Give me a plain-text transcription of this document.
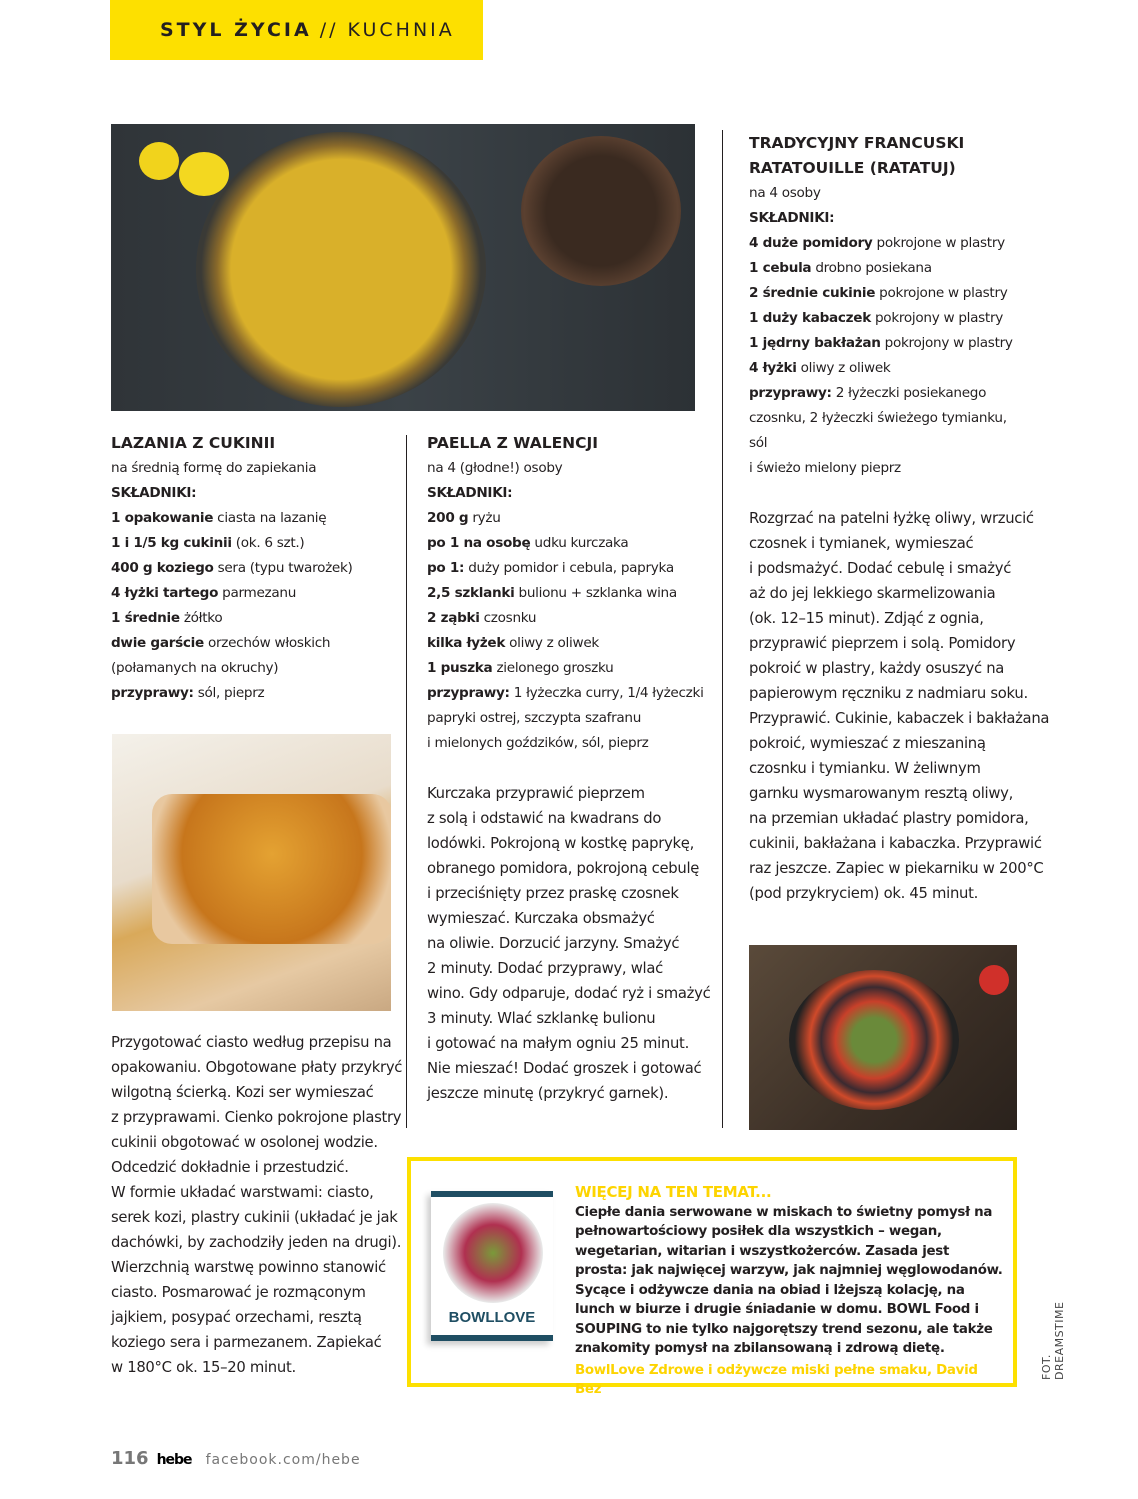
STYL ŻYCIA // KUCHNIA
LAZANIA Z CUKINII
na średnią formę do zapiekania
SKŁADNIKI:
1 opakowanie ciasta na lazanię
1 i 1/5 kg cukinii (ok. 6 szt.)
400 g koziego sera (typu twarożek)
4 łyżki tartego parmezanu
1 średnie żółtko
dwie garście orzechów włoskich
(połamanych na okruchy)
przyprawy: sól, pieprz
Przygotować ciasto według przepisu na
opakowaniu. Obgotowane płaty przykryć
wilgotną ścierką. Kozi ser wymieszać
z przyprawami. Cienko pokrojone plastry
cukinii obgotować w osolonej wodzie.
Odcedzić dokładnie i przestudzić.
W formie układać warstwami: ciasto,
serek kozi, plastry cukinii (układać je jak
dachówki, by zachodziły jeden na drugi).
Wierzchnią warstwę powinno stanowić
ciasto. Posmarować je rozmąconym
jajkiem, posypać orzechami, resztą
koziego sera i parmezanem. Zapiekać
w 180°C ok. 15–20 minut.
PAELLA Z WALENCJI
na 4 (głodne!) osoby
SKŁADNIKI:
200 g ryżu
po 1 na osobę udku kurczaka
po 1: duży pomidor i cebula, papryka
2,5 szklanki bulionu + szklanka wina
2 ząbki czosnku
kilka łyżek oliwy z oliwek
1 puszka zielonego groszku
przyprawy: 1 łyżeczka curry, 1/4 łyżeczki
papryki ostrej, szczypta szafranu
i mielonych goździków, sól, pieprz
Kurczaka przyprawić pieprzem
z solą i odstawić na kwadrans do
lodówki. Pokrojoną w kostkę paprykę,
obranego pomidora, pokrojoną cebulę
i przeciśnięty przez praskę czosnek
wymieszać. Kurczaka obsmażyć
na oliwie. Dorzucić jarzyny. Smażyć
2 minuty. Dodać przyprawy, wlać
wino. Gdy odparuje, dodać ryż i smażyć
3 minuty. Wlać szklankę bulionu
i gotować na małym ogniu 25 minut.
Nie mieszać! Dodać groszek i gotować
jeszcze minutę (przykryć garnek).
TRADYCYJNY FRANCUSKI
RATATOUILLE (RATATUJ)
na 4 osoby
SKŁADNIKI:
4 duże pomidory pokrojone w plastry
1 cebula drobno posiekana
2 średnie cukinie pokrojone w plastry
1 duży kabaczek pokrojony w plastry
1 jędrny bakłażan pokrojony w plastry
4 łyżki oliwy z oliwek
przyprawy: 2 łyżeczki posiekanego
czosnku, 2 łyżeczki świeżego tymianku, sól
i świeżo mielony pieprz
Rozgrzać na patelni łyżkę oliwy, wrzucić
czosnek i tymianek, wymieszać
i podsmażyć. Dodać cebulę i smażyć
aż do jej lekkiego skarmelizowania
(ok. 12–15 minut). Zdjąć z ognia,
przyprawić pieprzem i solą. Pomidory
pokroić w plastry, każdy osuszyć na
papierowym ręczniku z nadmiaru soku.
Przyprawić. Cukinie, kabaczek i bakłażana
pokroić, wymieszać z mieszaniną
czosnku i tymianku. W żeliwnym
garnku wysmarowanym resztą oliwy,
na przemian układać plastry pomidora,
cukinii, bakłażana i kabaczka. Przyprawić
raz jeszcze. Zapiec w piekarniku w 200°C
(pod przykryciem) ok. 45 minut.
BOWLLOVE
WIĘCEJ NA TEN TEMAT...
Ciepłe dania serwowane w miskach to świetny pomysł na pełnowartościowy posiłek dla wszystkich – wegan, wegetarian, witarian i wszystkożerców. Zasada jest prosta: jak najwięcej warzyw, jak najmniej węglowodanów. Sycące i odżywcze dania na obiad i lżejszą kolację, na lunch w biurze i drugie śniadanie w domu. BOWL Food i SOUPING to nie tylko najgorętszy trend sezonu, ale także znakomity pomysł na zbilansowaną i zdrową dietę.
BowlLove Zdrowe i odżywcze miski pełne smaku, David Bez
116 hebe facebook.com/hebe
FOT. DREAMSTIME
